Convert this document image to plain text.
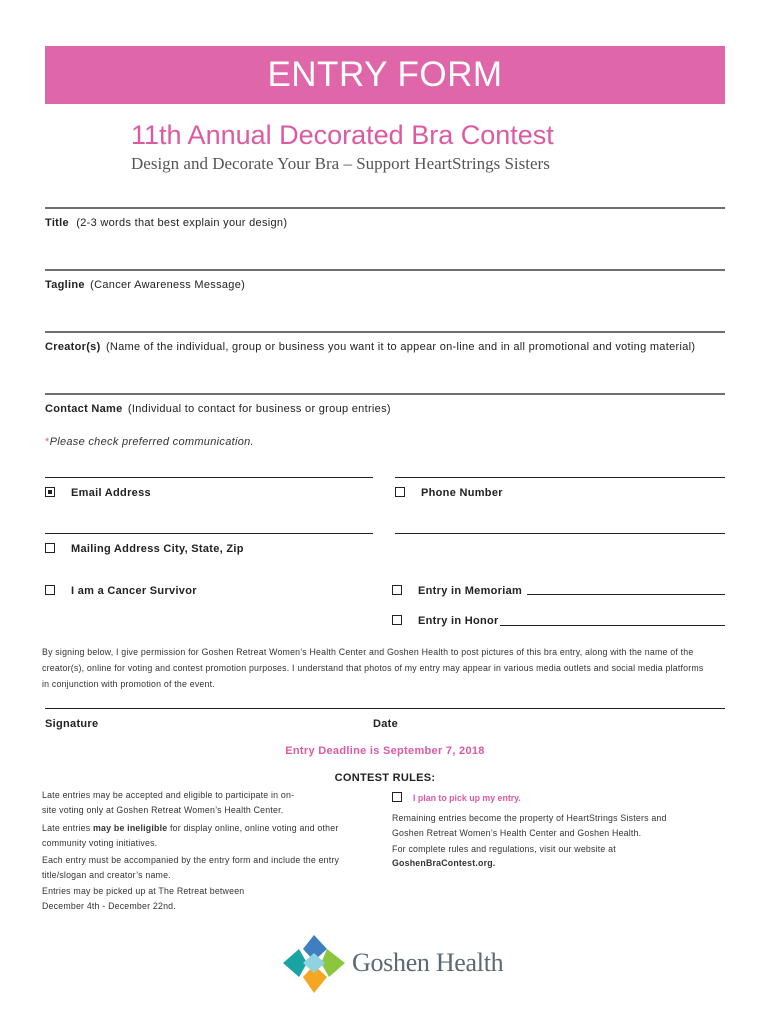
ENTRY FORM
11th Annual Decorated Bra Contest
Design and Decorate Your Bra – Support HeartStrings Sisters
Title (2-3 words that best explain your design)
Tagline (Cancer Awareness Message)
Creator(s) (Name of the individual, group or business you want it to appear on-line and in all promotional and voting material)
Contact Name (Individual to contact for business or group entries)
*Please check preferred communication.
Email Address	Phone Number
Mailing Address City, State, Zip
I am a Cancer Survivor	Entry in Memoriam
Entry in Honor
By signing below, I give permission for Goshen Retreat Women’s Health Center and Goshen Health to post pictures of this bra entry, along with the name of the creator(s), online for voting and contest promotion purposes. I understand that photos of my entry may appear in various media outlets and social media platforms in conjunction with promotion of the event.
Signature	Date
Entry Deadline is September 7, 2018
CONTEST RULES:
Late entries may be accepted and eligible to participate in on-site voting only at Goshen Retreat Women’s Health Center.
Late entries may be ineligible for display online, online voting and other community voting initiatives.
Each entry must be accompanied by the entry form and include the entry title/slogan and creator’s name.
Entries may be picked up at The Retreat between December 4th - December 22nd.
I plan to pick up my entry.
Remaining entries become the property of HeartStrings Sisters and Goshen Retreat Women’s Health Center and Goshen Health.
For complete rules and regulations, visit our website at
GoshenBraContest.org.
Goshen Health
